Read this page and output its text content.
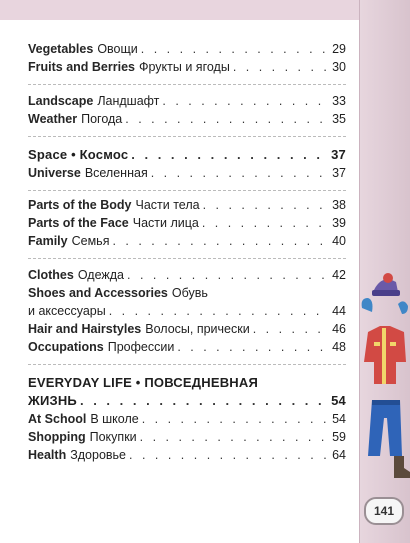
Vegetables Овощи . . .	29
Fruits and Berries Фрукты и ягоды . . .	30
Landscape Ландшафт . . .	33
Weather Погода . . .	35
Space • Космос . . .	37
Universe Вселенная . . .	37
Parts of the Body Части тела . . .	38
Parts of the Face Части лица . . .	39
Family Семья . . .	40
Clothes Одежда . . .	42
Shoes and Accessories Обувь
и аксессуары . . .	44
Hair and Hairstyles Волосы, прически . . .	46
Occupations Профессии . . .	48
EVERYDAY LIFE • ПОВСЕДНЕВНАЯ
ЖИЗНЬ . . .	54
At School В школе . . .	54
Shopping Покупки . . .	59
Health Здоровье . . .	64
141
